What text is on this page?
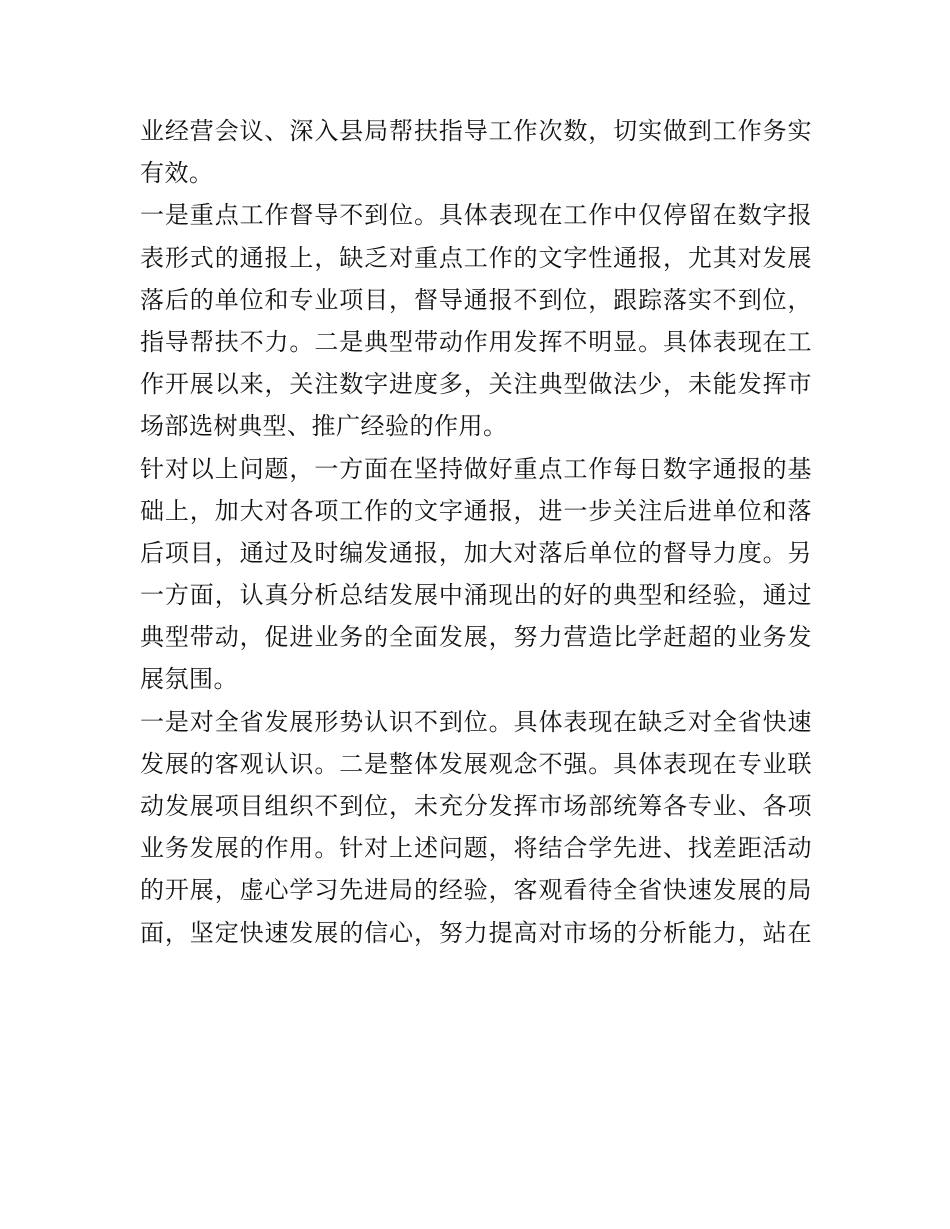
业经营会议、深入县局帮扶指导工作次数，切实做到工作务实
有效。
一是重点工作督导不到位。具体表现在工作中仅停留在数字报
表形式的通报上，缺乏对重点工作的文字性通报，尤其对发展
落后的单位和专业项目，督导通报不到位，跟踪落实不到位，
指导帮扶不力。二是典型带动作用发挥不明显。具体表现在工
作开展以来，关注数字进度多，关注典型做法少，未能发挥市
场部选树典型、推广经验的作用。
针对以上问题，一方面在坚持做好重点工作每日数字通报的基
础上，加大对各项工作的文字通报，进一步关注后进单位和落
后项目，通过及时编发通报，加大对落后单位的督导力度。另
一方面，认真分析总结发展中涌现出的好的典型和经验，通过
典型带动，促进业务的全面发展，努力营造比学赶超的业务发
展氛围。
一是对全省发展形势认识不到位。具体表现在缺乏对全省快速
发展的客观认识。二是整体发展观念不强。具体表现在专业联
动发展项目组织不到位，未充分发挥市场部统筹各专业、各项
业务发展的作用。针对上述问题，将结合学先进、找差距活动
的开展，虚心学习先进局的经验，客观看待全省快速发展的局
面，坚定快速发展的信心，努力提高对市场的分析能力，站在
